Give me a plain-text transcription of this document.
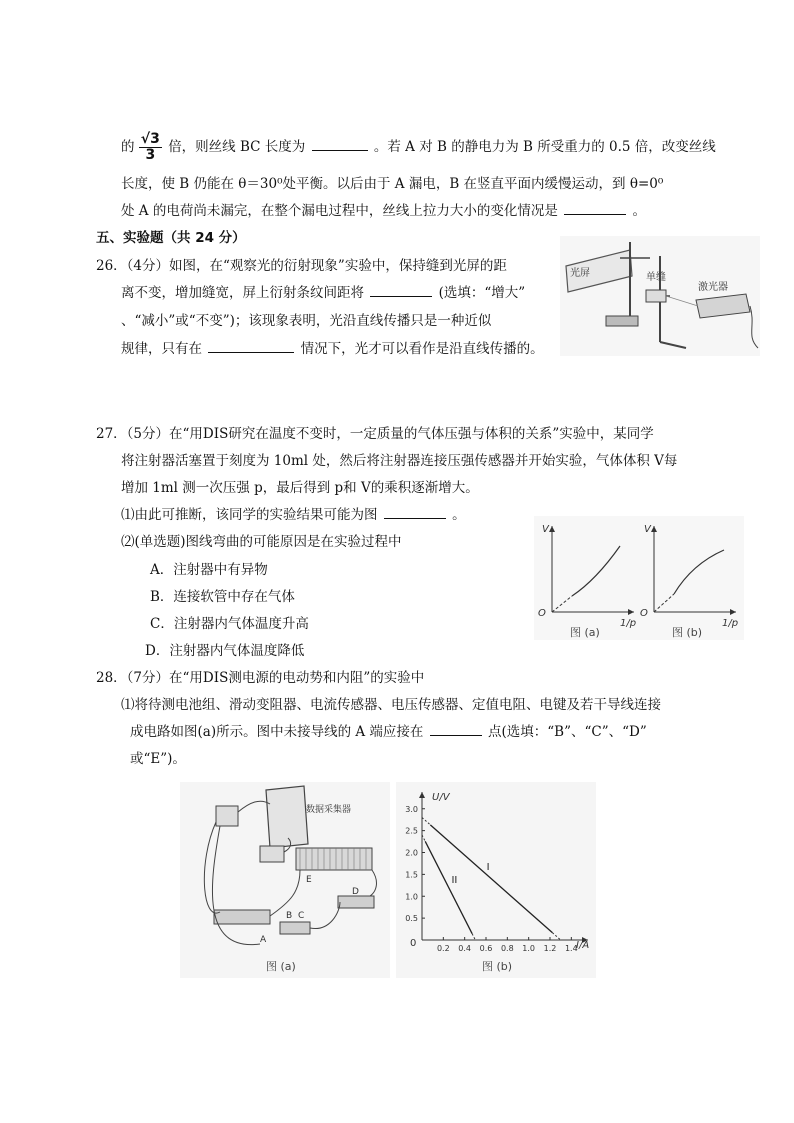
的 $\frac{√3}{3}$ 倍，则丝线 BC 长度为	。若 A 对 B 的静电力为 B 所受重力的 0.5 倍，改变丝线
长度，使 B 仍能在 θ＝30⁰处平衡。以后由于 A 漏电，B 在竖直平面内缓慢运动，到 θ=0⁰
处 A 的电荷尚未漏完，在整个漏电过程中，丝线上拉力大小的变化情况是	。
五、实验题（共 24 分）
26．（4分）如图，在“观察光的衍射现象”实验中，保持缝到光屏的距
离不变，增加缝宽，屏上衍射条纹间距将	(选填：“增大”
、“减小”或“不变”)；该现象表明，光沿直线传播只是一种近似
规律，只有在	情况下，光才可以看作是沿直线传播的。
光屏	单缝
激光器
27．（5分）在“用DIS研究在温度不变时，一定质量的气体压强与体积的关系”实验中，某同学
将注射器活塞置于刻度为 10ml 处，然后将注射器连接压强传感器并开始实验，气体体积 V每
增加 1ml 测一次压强 p，最后得到 p和 V的乘积逐渐增大。
⑴由此可推断，该同学的实验结果可能为图	。
⑵(单选题)图线弯曲的可能原因是在实验过程中
A．注射器中有异物
B．连接软管中存在气体
C．注射器内气体温度升高
D．注射器内气体温度降低
V
O
1/p
图 (a)
V
O
1/p
图 (b)
28．（7分）在“用DIS测电源的电动势和内阻”的实验中
⑴将待测电池组、滑动变阻器、电流传感器、电压传感器、定值电阻、电键及若干导线连接
成电路如图(a)所示。图中未接导线的 A 端应接在	点(选填：“B”、“C”、“D”
或“E”)。
数据采集器
E
B C
D
A
图 (a)
U/V
I/A
0
0.5
1.0
1.5
2.0
2.5
3.0
0.2 0.4 0.6 0.8 1.0 1.2 1.4
I
II
图 (b)
